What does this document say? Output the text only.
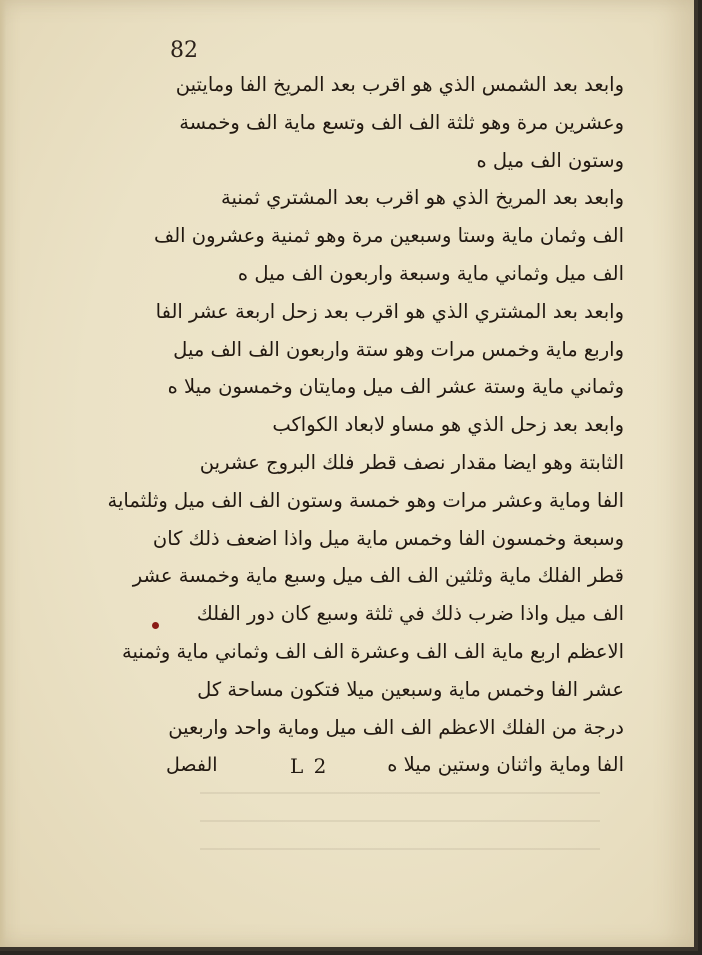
82

وابعد بعد الشمس الذي هو اقرب بعد المريخ الفا ومايتين
وعشرين مرة وهو ثلثة الف الف وتسع ماية الف وخمسة
وستون الف ميل ه
وابعد بعد المريخ الذي هو اقرب بعد المشتري ثمنية
الف وثمان ماية وستا وسبعين مرة وهو ثمنية وعشرون الف
الف ميل وثماني ماية وسبعة واربعون الف ميل ه
وابعد بعد المشتري الذي هو اقرب بعد زحل اربعة عشر الفا
واربع ماية وخمس مرات وهو ستة واربعون الف الف ميل
وثماني ماية وستة عشر الف ميل ومايتان وخمسون ميلا ه
وابعد بعد زحل الذي هو مساو لابعاد الكواكب
الثابتة وهو ايضا مقدار نصف قطر فلك البروج عشرين
الفا وماية وعشر مرات وهو خمسة وستون الف الف ميل وثلثماية
وسبعة وخمسون الفا وخمس ماية ميل واذا اضعف ذلك كان
قطر الفلك ماية وثلثين الف الف ميل وسبع ماية وخمسة عشر
الف ميل واذا ضرب ذلك في ثلثة وسبع كان دور الفلك
الاعظم اربع ماية الف الف وعشرة الف الف وثماني ماية وثمنية
عشر الفا وخمس ماية وسبعين ميلا فتكون مساحة كل
درجة من الفلك الاعظم الف الف ميل وماية واحد واربعين
الفا وماية واثنان وستين ميلا ه
الفصل	L 2
